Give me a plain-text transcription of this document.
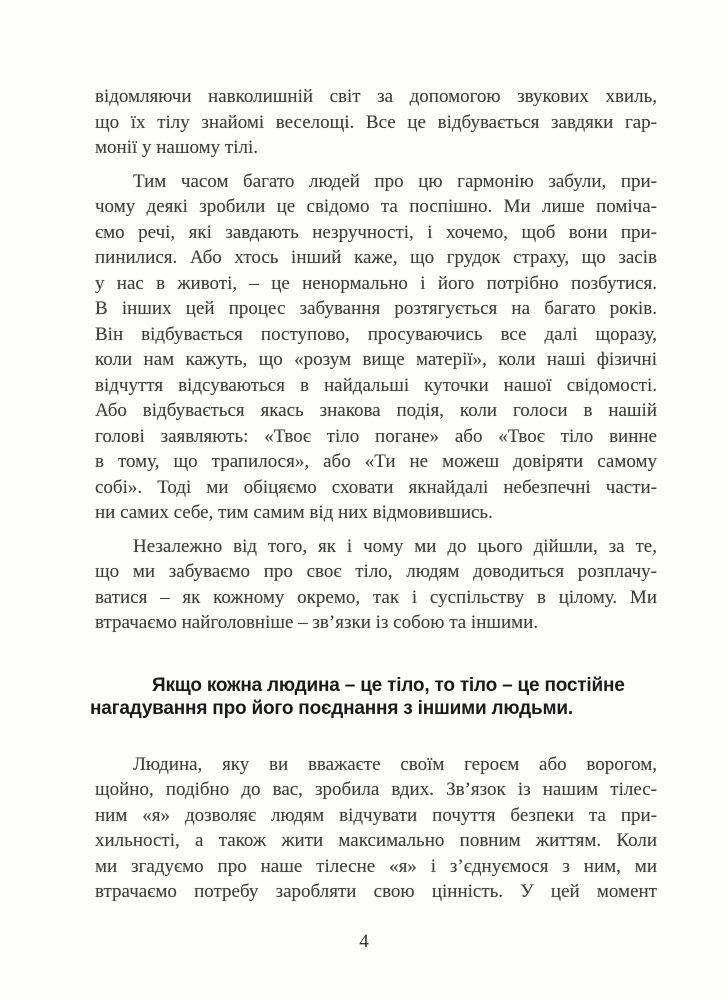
відомляючи навколишній світ за допомогою звукових хвиль,
що їх тілу знайомі веселощі. Все це відбувається завдяки гар-
монії у нашому тілі.
Тим часом багато людей про цю гармонію забули, при-
чому деякі зробили це свідомо та поспішно. Ми лише поміча-
ємо речі, які завдають незручності, і хочемо, щоб вони при-
пинилися. Або хтось інший каже, що грудок страху, що засів
у нас в животі, – це ненормально і його потрібно позбутися.
В інших цей процес забування розтягується на багато років.
Він відбувається поступово, просуваючись все далі щоразу,
коли нам кажуть, що «розум вище матерії», коли наші фізичні
відчуття відсуваються в найдальші куточки нашої свідомості.
Або відбувається якась знакова подія, коли голоси в нашій
голові заявляють: «Твоє тіло погане» або «Твоє тіло винне
в тому, що трапилося», або «Ти не можеш довіряти самому
собі». Тоді ми обіцяємо сховати якнайдалі небезпечні части-
ни самих себе, тим самим від них відмовившись.
Незалежно від того, як і чому ми до цього дійшли, за те,
що ми забуваємо про своє тіло, людям доводиться розплачу-
ватися – як кожному окремо, так і суспільству в цілому. Ми
втрачаємо найголовніше – зв’язки із собою та іншими.
Якщо кожна людина – це тіло, то тіло – це постійне
нагадування про його поєднання з іншими людьми.
Людина, яку ви вважаєте своїм героєм або ворогом,
щойно, подібно до вас, зробила вдих. Зв’язок із нашим тілес-
ним «я» дозволяє людям відчувати почуття безпеки та при-
хильності, а також жити максимально повним життям. Коли
ми згадуємо про наше тілесне «я» і з’єднуємося з ним, ми
втрачаємо потребу заробляти свою цінність. У цей момент
4
